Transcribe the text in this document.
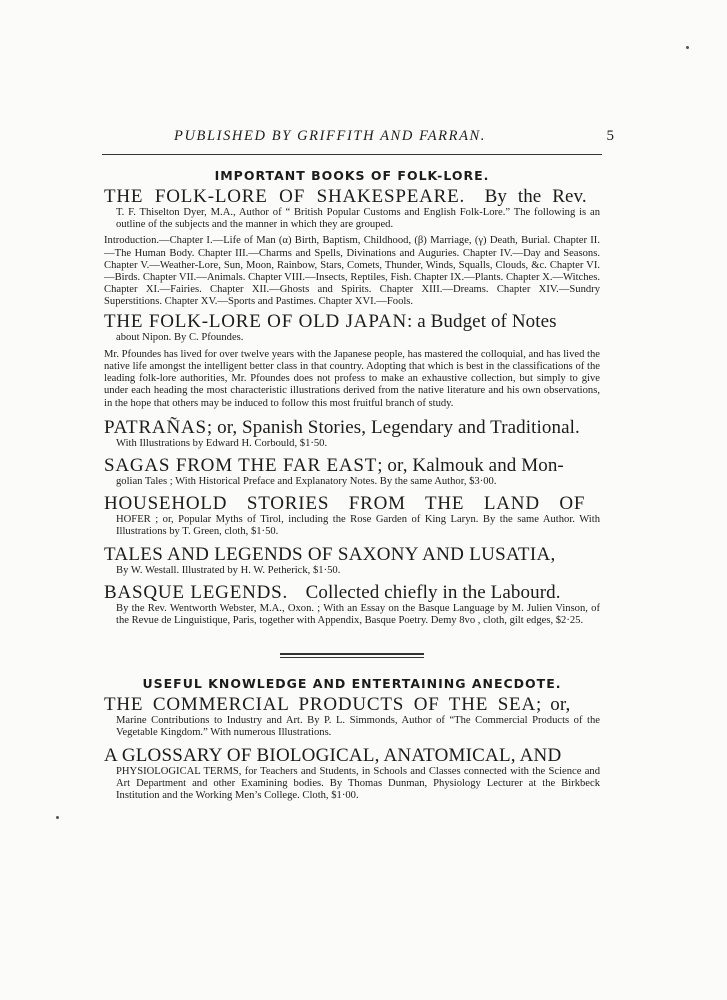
PUBLISHED BY GRIFFITH AND FARRAN.	5
IMPORTANT BOOKS OF FOLK-LORE.
THE FOLK-LORE OF SHAKESPEARE. By the Rev.
T. F. Thiselton Dyer, M.A., Author of “ British Popular Customs and English Folk-Lore.” The following is an outline of the subjects and the manner in which they are grouped.
Introduction.—Chapter I.—Life of Man (α) Birth, Baptism, Childhood, (β) Marriage, (γ) Death, Burial. Chapter II.—The Human Body. Chapter III.—Charms and Spells, Divinations and Auguries. Chapter IV.—Day and Seasons. Chapter V.—Weather-Lore, Sun, Moon, Rainbow, Stars, Comets, Thunder, Winds, Squalls, Clouds, &c. Chapter VI.—Birds. Chapter VII.—Animals. Chapter VIII.—Insects, Reptiles, Fish. Chapter IX.—Plants. Chapter X.—Witches. Chapter XI.—Fairies. Chapter XII.—Ghosts and Spirits. Chapter XIII.—Dreams. Chapter XIV.—Sundry Superstitions. Chapter XV.—Sports and Pastimes. Chapter XVI.—Fools.
THE FOLK-LORE OF OLD JAPAN: a Budget of Notes
about Nipon. By C. Pfoundes.
Mr. Pfoundes has lived for over twelve years with the Japanese people, has mastered the colloquial, and has lived the native life amongst the intelligent better class in that country. Adopting that which is best in the classifications of the leading folk-lore authorities, Mr. Pfoundes does not profess to make an exhaustive collection, but simply to give under each heading the most characteristic illustrations derived from the native literature and his own observations, in the hope that others may be induced to follow this most fruitful branch of study.
PATRAÑAS; or, Spanish Stories, Legendary and Traditional.
With Illustrations by Edward H. Corbould, $1·50.
SAGAS FROM THE FAR EAST; or, Kalmouk and Mon-
golian Tales ; With Historical Preface and Explanatory Notes. By the same Author, $3·00.
HOUSEHOLD STORIES FROM THE LAND OF
HOFER ; or, Popular Myths of Tirol, including the Rose Garden of King Laryn. By the same Author. With Illustrations by T. Green, cloth, $1·50.
TALES AND LEGENDS OF SAXONY AND LUSATIA,
By W. Westall. Illustrated by H. W. Petherick, $1·50.
BASQUE LEGENDS. Collected chiefly in the Labourd.
By the Rev. Wentworth Webster, M.A., Oxon. ; With an Essay on the Basque Language by M. Julien Vinson, of the Revue de Linguistique, Paris, together with Appendix, Basque Poetry. Demy 8vo , cloth, gilt edges, $2·25.
USEFUL KNOWLEDGE AND ENTERTAINING ANECDOTE.
THE COMMERCIAL PRODUCTS OF THE SEA; or,
Marine Contributions to Industry and Art. By P. L. Simmonds, Author of “The Commercial Products of the Vegetable Kingdom.” With numerous Illustrations.
A GLOSSARY OF BIOLOGICAL, ANATOMICAL, AND
PHYSIOLOGICAL TERMS, for Teachers and Students, in Schools and Classes connected with the Science and Art Department and other Examining bodies. By Thomas Dunman, Physiology Lecturer at the Birkbeck Institution and the Working Men’s College. Cloth, $1·00.
